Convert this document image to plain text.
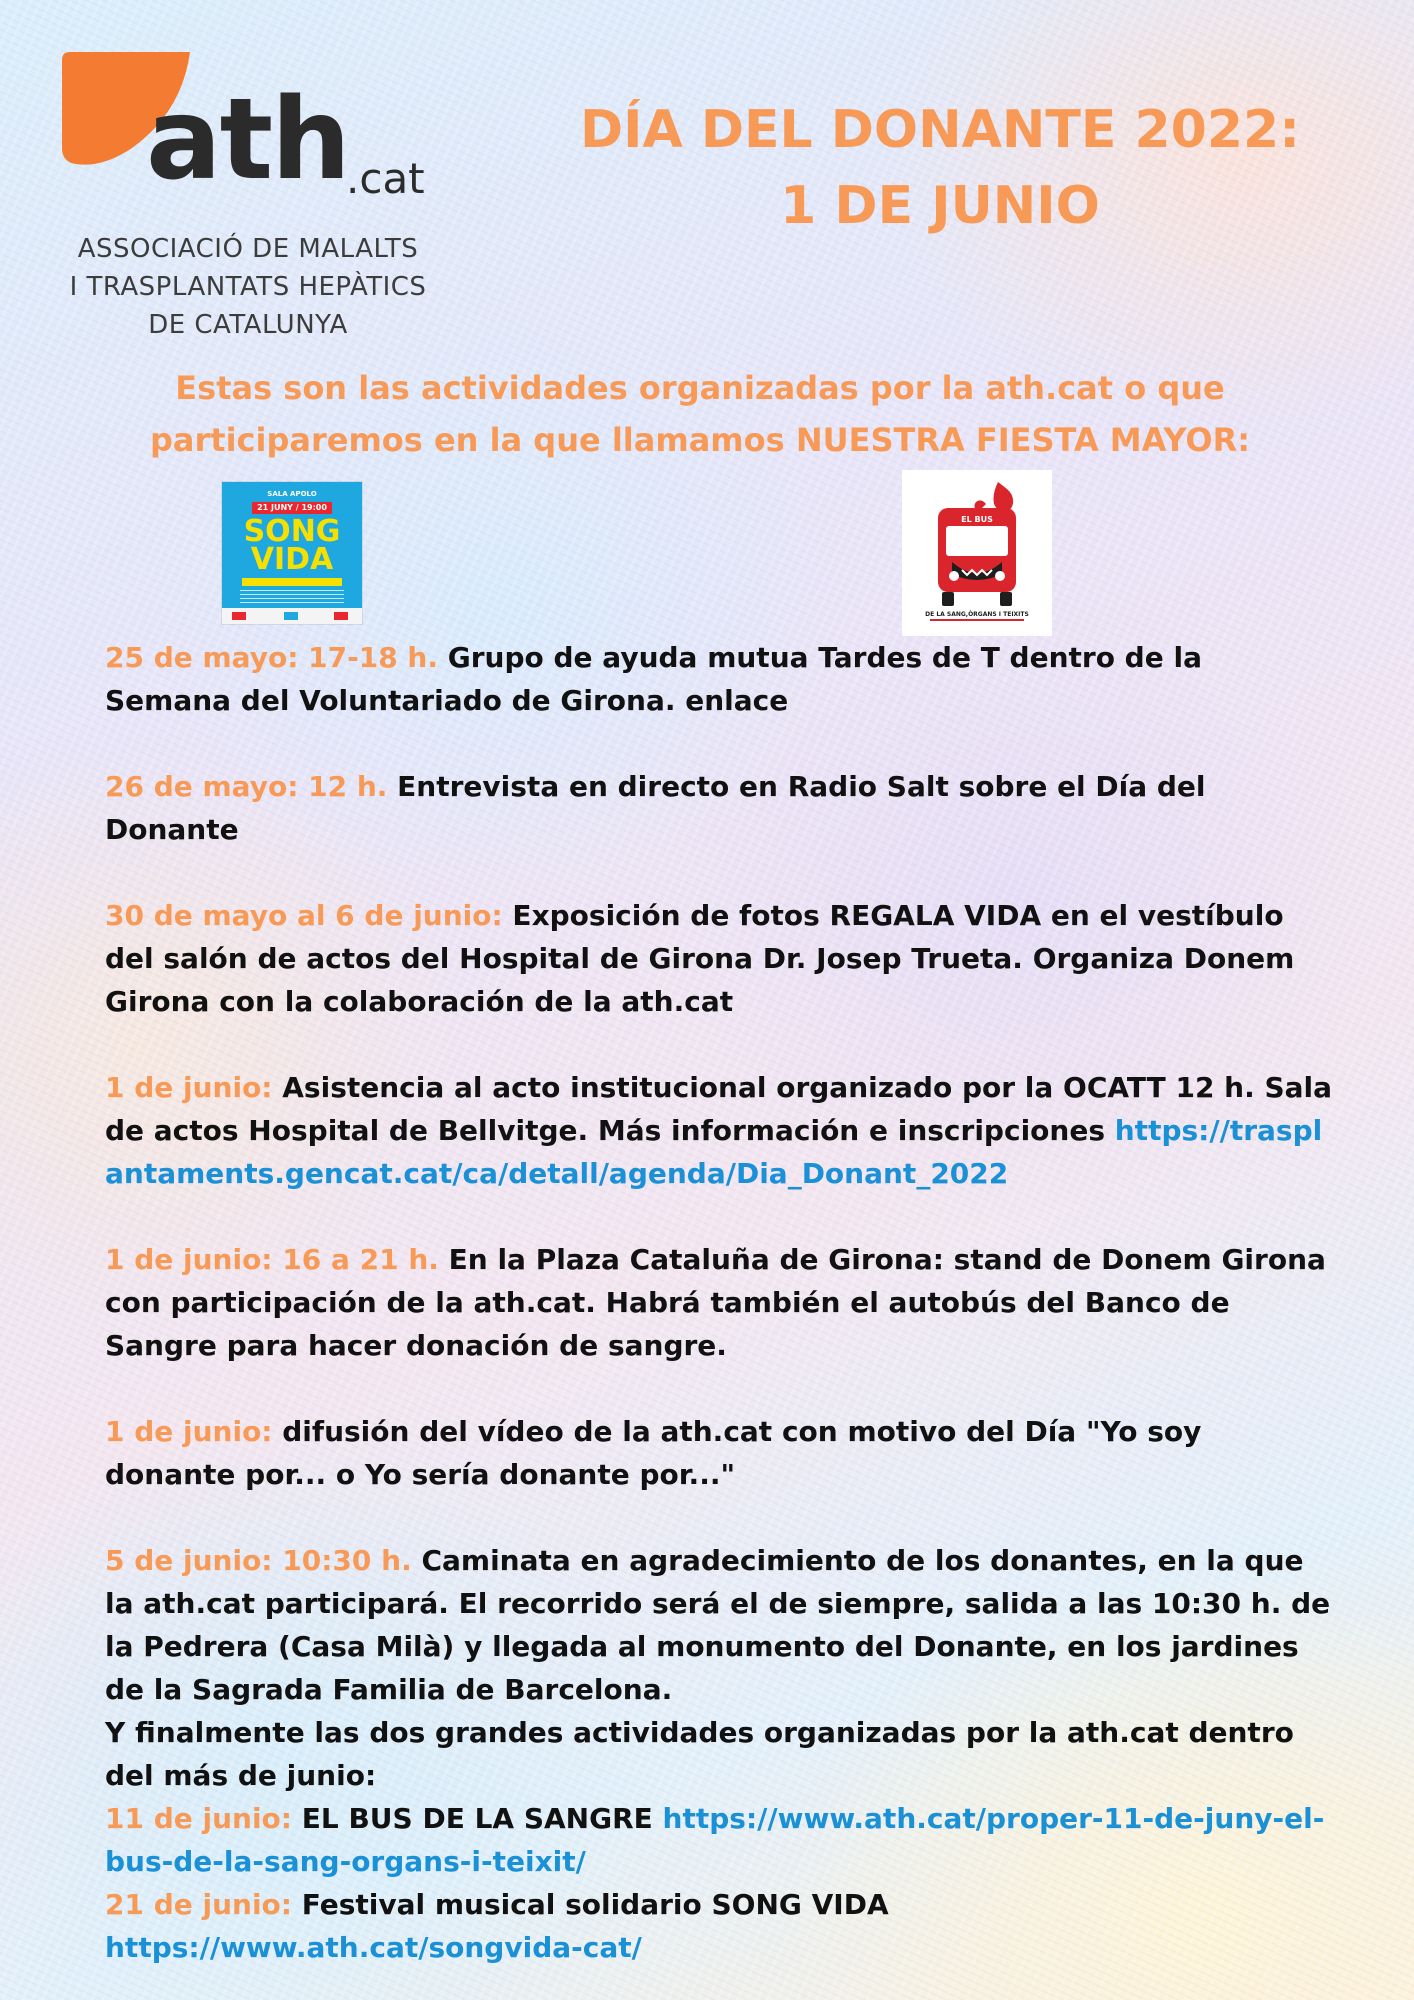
ath
.cat
ASSOCIACIÓ DE MALALTS
I TRASPLANTATS HEPÀTICS
DE CATALUNYA
DÍA DEL DONANTE 2022:
1 DE JUNIO
Estas son las actividades organizadas por la ath.cat o que
participaremos en la que llamamos NUESTRA FIESTA MAYOR:
SALA APOLO
21 JUNY / 19:00
SONG
VIDA
EL BUS
DE LA SANG,ÒRGANS I TEIXITS

25 de mayo: 17-18 h. Grupo de ayuda mutua Tardes de T dentro de la Semana del Voluntariado de Girona. enlace

26 de mayo: 12 h. Entrevista en directo en Radio Salt sobre el Día del Donante

30 de mayo al 6 de junio: Exposición de fotos REGALA VIDA en el vestíbulo del salón de actos del Hospital de Girona Dr. Josep Trueta. Organiza Donem Girona con la colaboración de la ath.cat

1 de junio: Asistencia al acto institucional organizado por la OCATT 12 h. Sala de actos Hospital de Bellvitge. Más información e inscripciones https://trasplantaments.gencat.cat/ca/detall/agenda/Dia_Donant_2022

1 de junio: 16 a 21 h. En la Plaza Cataluña de Girona: stand de Donem Girona con participación de la ath.cat. Habrá también el autobús del Banco de Sangre para hacer donación de sangre.

1 de junio: difusión del vídeo de la ath.cat con motivo del Día "Yo soy donante por... o Yo sería donante por..."

5 de junio: 10:30 h. Caminata en agradecimiento de los donantes, en la que la ath.cat participará. El recorrido será el de siempre, salida a las 10:30 h. de la Pedrera (Casa Milà) y llegada al monumento del Donante, en los jardines de la Sagrada Familia de Barcelona.

Y finalmente las dos grandes actividades organizadas por la ath.cat dentro del más de junio:

11 de junio: EL BUS DE LA SANGRE https://www.ath.cat/proper-11-de-juny-el-bus-de-la-sang-organs-i-teixit/

21 de junio: Festival musical solidario SONG VIDA
https://www.ath.cat/songvida-cat/
